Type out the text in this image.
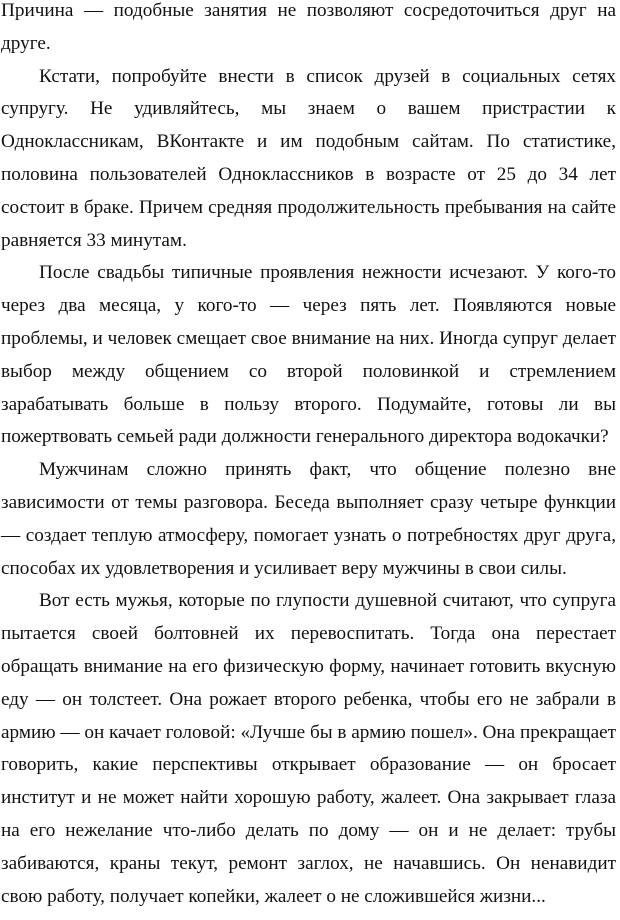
Причина — подобные занятия не позволяют сосредоточиться друг на друге.

Кстати, попробуйте внести в список друзей в социальных сетях супругу. Не удивляйтесь, мы знаем о вашем пристрастии к Одноклассникам, ВКонтакте и им подобным сайтам. По статистике, половина пользователей Одноклассников в возрасте от 25 до 34 лет состоит в браке. Причем средняя продолжительность пребывания на сайте равняется 33 минутам.

После свадьбы типичные проявления нежности исчезают. У кого-то через два месяца, у кого-то — через пять лет. Появляются новые проблемы, и человек смещает свое внимание на них. Иногда супруг делает выбор между общением со второй половинкой и стремлением зарабатывать больше в пользу второго. Подумайте, готовы ли вы пожертвовать семьей ради должности генерального директора водокачки?

Мужчинам сложно принять факт, что общение полезно вне зависимости от темы разговора. Беседа выполняет сразу четыре функции — создает теплую атмосферу, помогает узнать о потребностях друг друга, способах их удовлетворения и усиливает веру мужчины в свои силы.

Вот есть мужья, которые по глупости душевной считают, что супруга пытается своей болтовней их перевоспитать. Тогда она перестает обращать внимание на его физическую форму, начинает готовить вкусную еду — он толстеет. Она рожает второго ребенка, чтобы его не забрали в армию — он качает головой: «Лучше бы в армию пошел». Она прекращает говорить, какие перспективы открывает образование — он бросает институт и не может найти хорошую работу, жалеет. Она закрывает глаза на его нежелание что-либо делать по дому — он и не делает: трубы забиваются, краны текут, ремонт заглох, не начавшись. Он ненавидит свою работу, получает копейки, жалеет о не сложившейся жизни...
